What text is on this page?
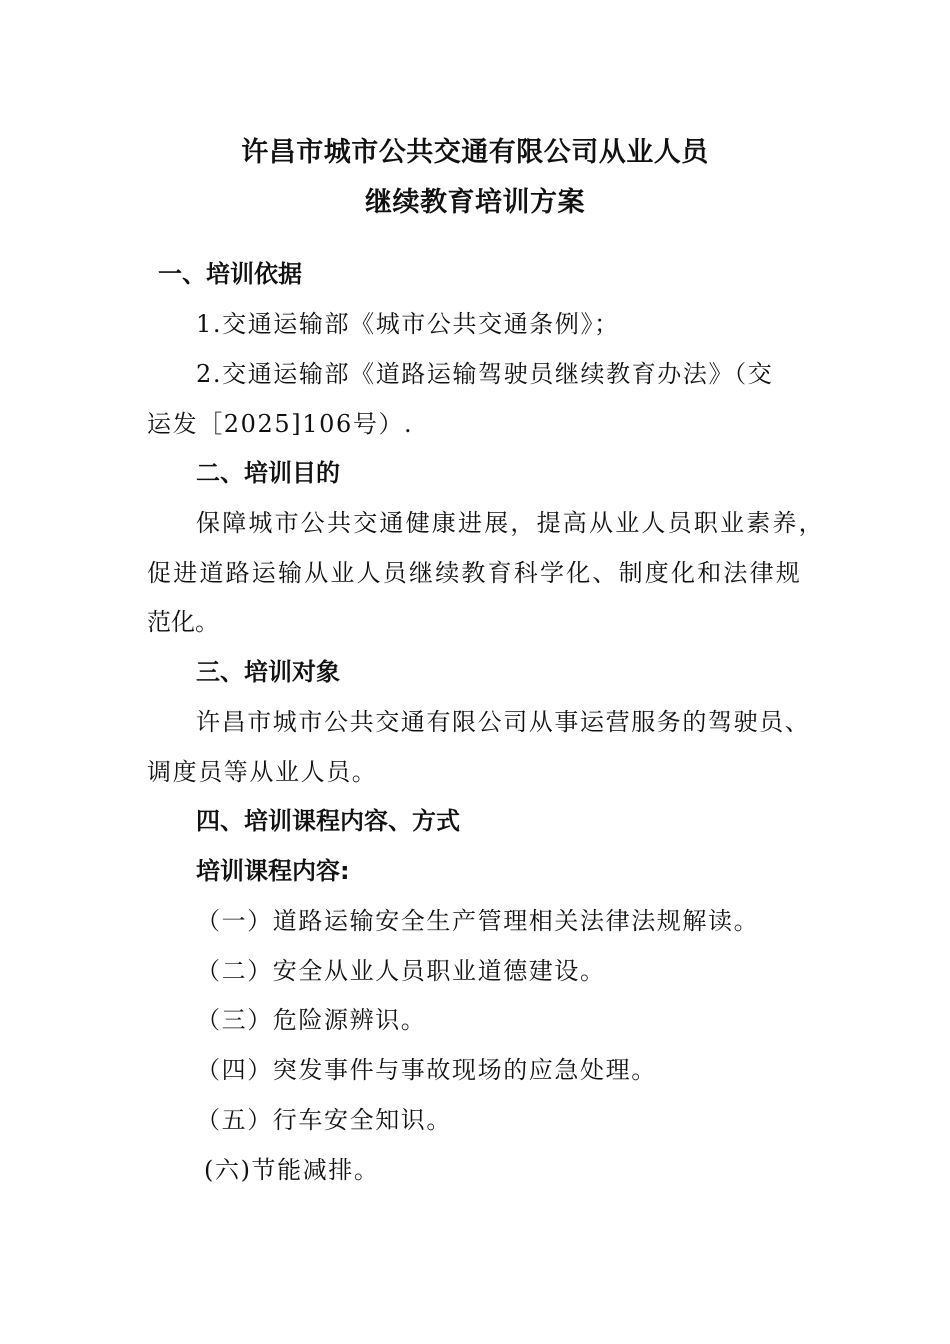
许昌市城市公共交通有限公司从业人员
继续教育培训方案
一、培训依据
1.交通运输部《城市公共交通条例》；
2.交通运输部《道路运输驾驶员继续教育办法》（交
运发［2025]106号）.
二、培训目的
保障城市公共交通健康进展，提高从业人员职业素养，
促进道路运输从业人员继续教育科学化、制度化和法律规
范化。
三、培训对象
许昌市城市公共交通有限公司从事运营服务的驾驶员、
调度员等从业人员。
四、培训课程内容、方式
培训课程内容:
（一）道路运输安全生产管理相关法律法规解读。
（二）安全从业人员职业道德建设。
（三）危险源辨识。
（四）突发事件与事故现场的应急处理。
（五）行车安全知识。
(六)节能减排。
